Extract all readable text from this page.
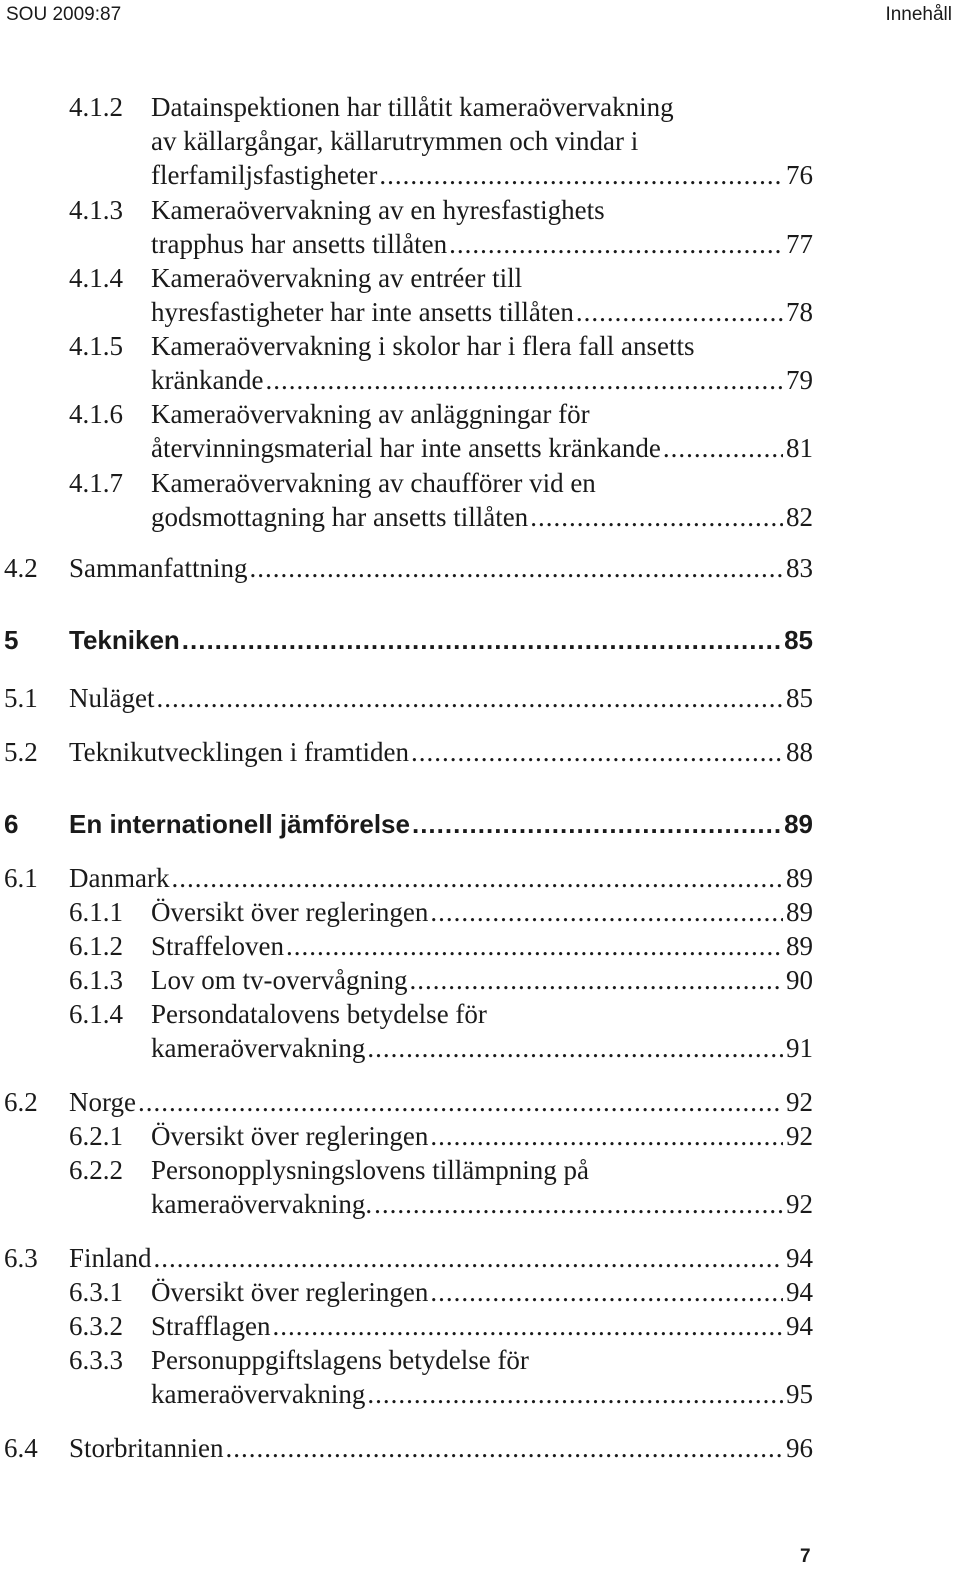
SOU 2009:87	Innehåll
4.1.2 Datainspektionen har tillåtit kameraövervakning
av källargångar, källarutrymmen och vindar i
flerfamiljsfastigheter .....	76
4.1.3 Kameraövervakning av en hyresfastighets
trapphus har ansetts tillåten .....	77
4.1.4 Kameraövervakning av entréer till
hyresfastigheter har inte ansetts tillåten .....	78
4.1.5 Kameraövervakning i skolor har i flera fall ansetts
kränkande .....	79
4.1.6 Kameraövervakning av anläggningar för
återvinningsmaterial har inte ansetts kränkande .....	81
4.1.7 Kameraövervakning av chaufförer vid en
godsmottagning har ansetts tillåten .....	82
4.2 Sammanfattning .....	83
5 Tekniken .....	85
5.1 Nuläget .....	85
5.2 Teknikutvecklingen i framtiden .....	88
6 En internationell jämförelse .....	89
6.1 Danmark .....	89
6.1.1 Översikt över regleringen .....	89
6.1.2 Straffeloven .....	89
6.1.3 Lov om tv-overvågning .....	90
6.1.4 Persondatalovens betydelse för
kameraövervakning .....	91
6.2 Norge .....	92
6.2.1 Översikt över regleringen .....	92
6.2.2 Personopplysningslovens tillämpning på
kameraövervakning. .....	92
6.3 Finland .....	94
6.3.1 Översikt över regleringen .....	94
6.3.2 Strafflagen .....	94
6.3.3 Personuppgiftslagens betydelse för
kameraövervakning .....	95
6.4 Storbritannien .....	96
7
